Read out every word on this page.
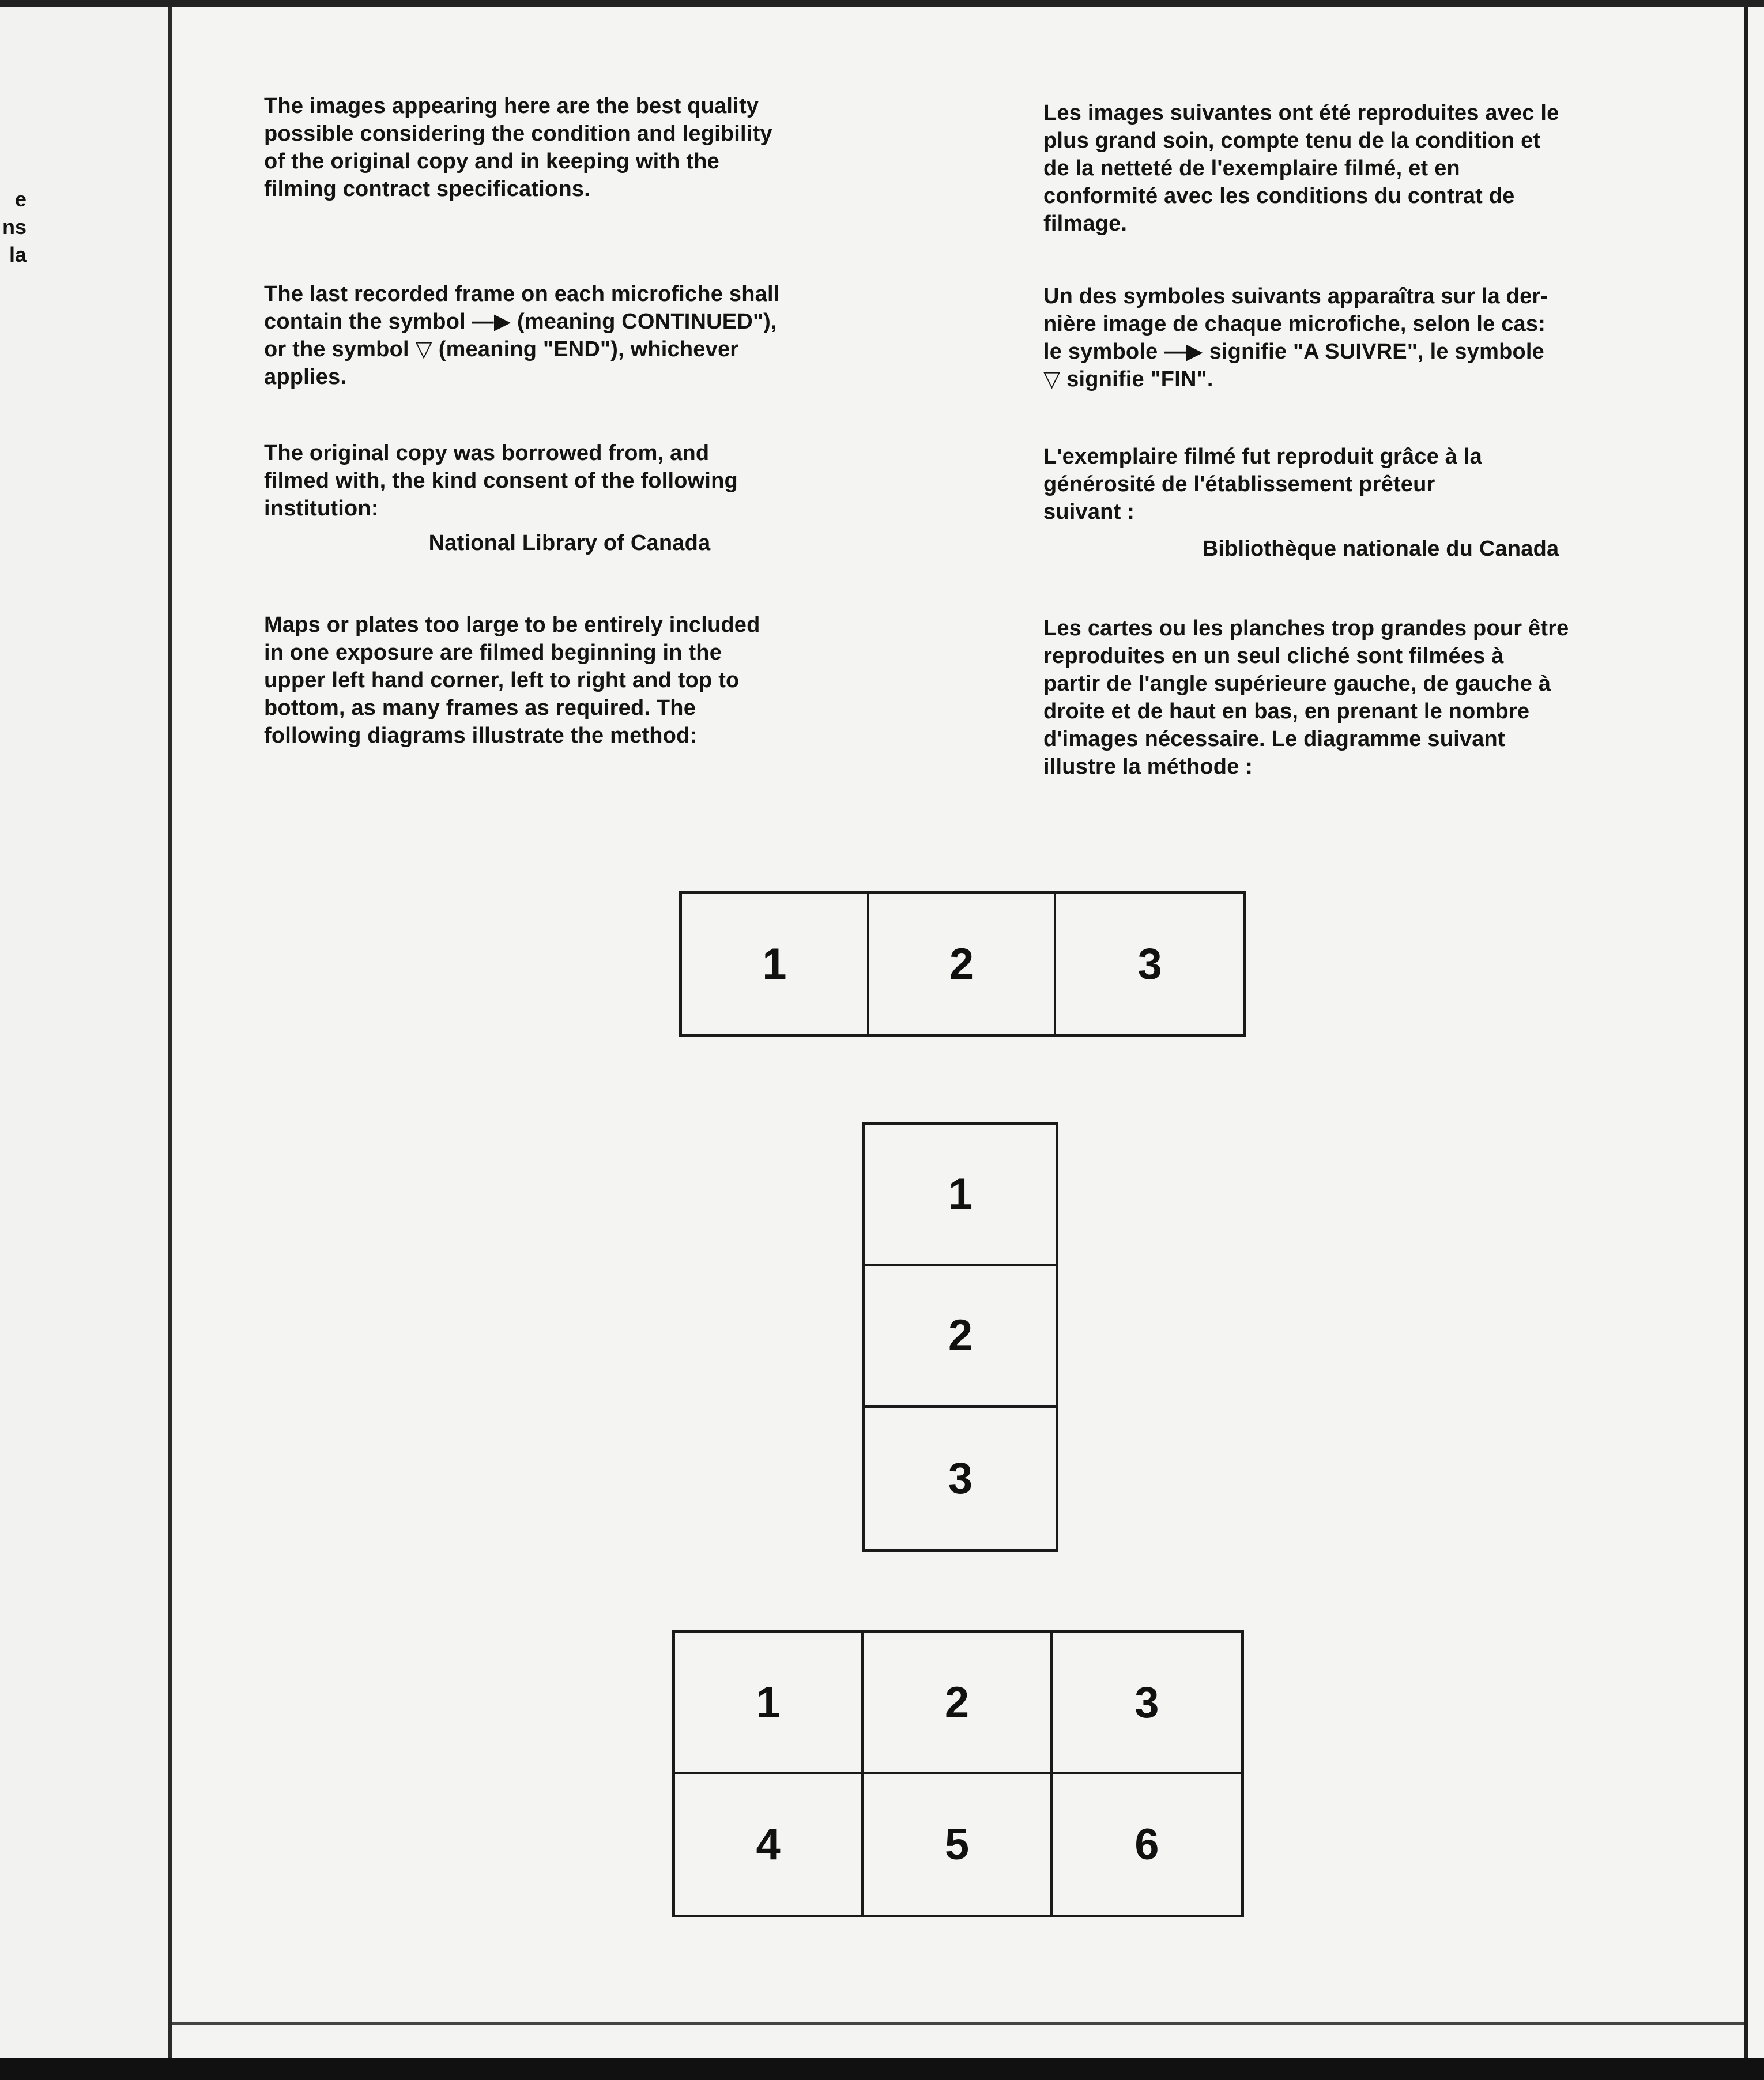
e
ns
la
The images appearing here are the best quality
possible considering the condition and legibility
of the original copy and in keeping with the
filming contract specifications.
The last recorded frame on each microfiche shall
contain the symbol —▶ (meaning CONTINUED"),
or the symbol ▽ (meaning "END"), whichever
applies.
The original copy was borrowed from, and
filmed with, the kind consent of the following
institution:
National Library of Canada
Maps or plates too large to be entirely included
in one exposure are filmed beginning in the
upper left hand corner, left to right and top to
bottom, as many frames as required. The
following diagrams illustrate the method:
Les images suivantes ont été reproduites avec le
plus grand soin, compte tenu de la condition et
de la netteté de l'exemplaire filmé, et en
conformité avec les conditions du contrat de
filmage.
Un des symboles suivants apparaîtra sur la der-
nière image de chaque microfiche, selon le cas:
le symbole —▶ signifie "A SUIVRE", le symbole
▽ signifie "FIN".
L'exemplaire filmé fut reproduit grâce à la
générosité de l'établissement prêteur
suivant :
Bibliothèque nationale du Canada
Les cartes ou les planches trop grandes pour être
reproduites en un seul cliché sont filmées à
partir de l'angle supérieure gauche, de gauche à
droite et de haut en bas, en prenant le nombre
d'images nécessaire. Le diagramme suivant
illustre la méthode :
1	2	3
1
2
3
1	2	3
4	5	6
